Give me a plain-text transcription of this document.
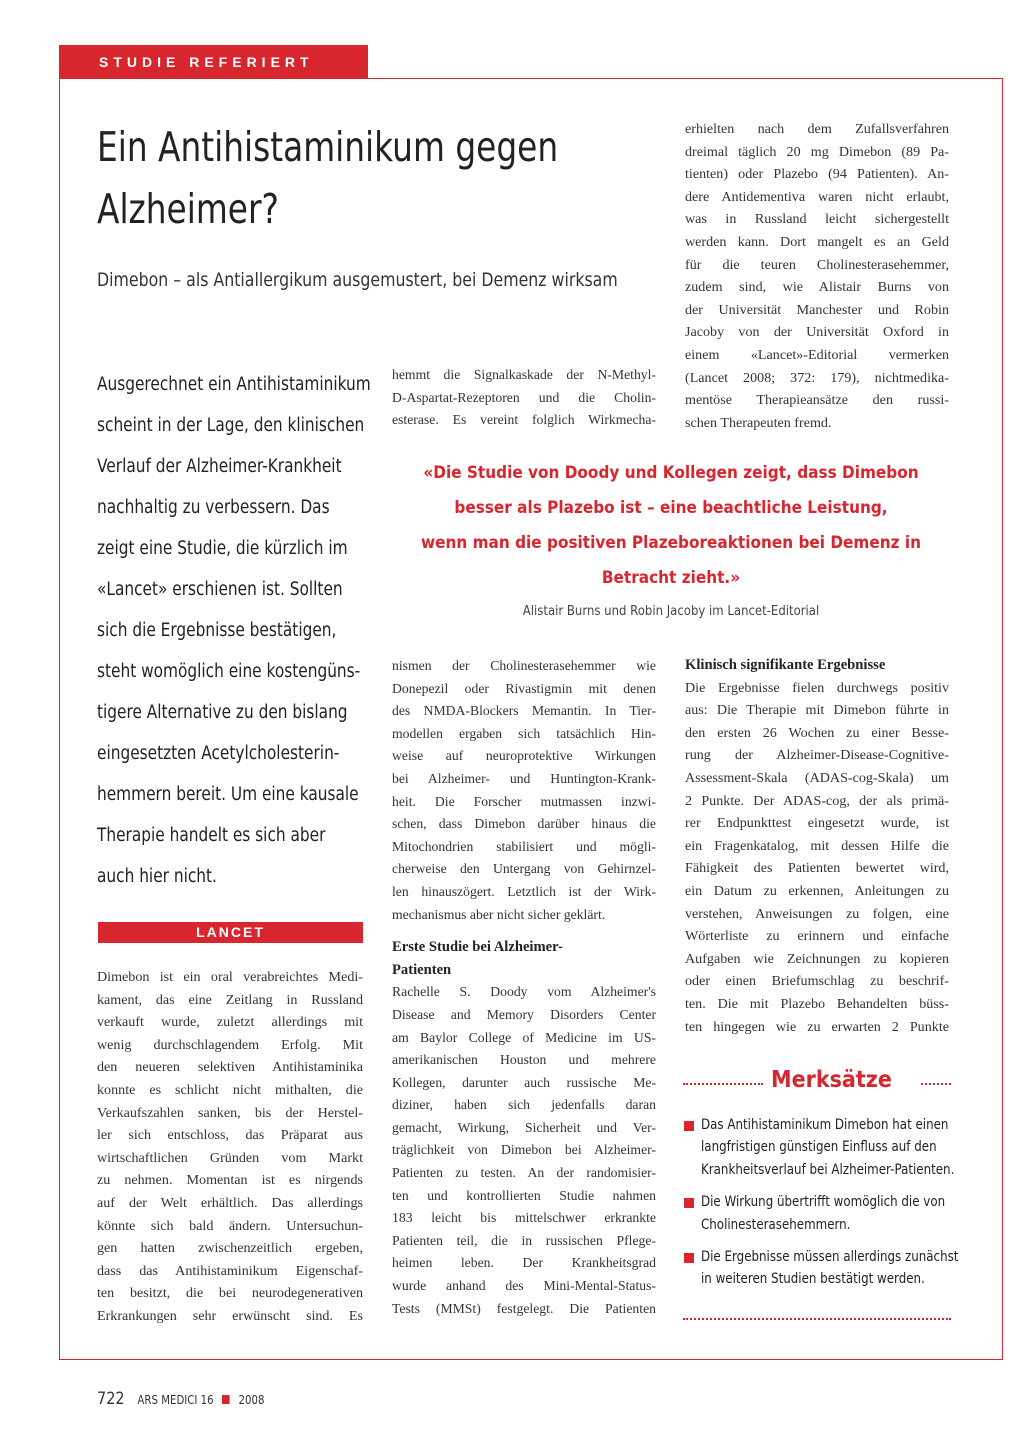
STUDIE REFERIERT
Ein Antihistaminikum gegen
Alzheimer?
Dimebon – als Antiallergikum ausgemustert, bei Demenz wirksam
Ausgerechnet ein Antihistaminikum
scheint in der Lage, den klinischen
Verlauf der Alzheimer-Krankheit
nachhaltig zu verbessern. Das
zeigt eine Studie, die kürzlich im
«Lancet» erschienen ist. Sollten
sich die Ergebnisse bestätigen,
steht womöglich eine kostengüns-
tigere Alternative zu den bislang
eingesetzten Acetylcholesterin-
hemmern bereit. Um eine kausale
Therapie handelt es sich aber
auch hier nicht.
LANCET
Dimebon ist ein oral verabreichtes Medi-
kament, das eine Zeitlang in Russland
verkauft wurde, zuletzt allerdings mit
wenig durchschlagendem Erfolg. Mit
den neueren selektiven Antihistaminika
konnte es schlicht nicht mithalten, die
Verkaufszahlen sanken, bis der Herstel-
ler sich entschloss, das Präparat aus
wirtschaftlichen Gründen vom Markt
zu nehmen. Momentan ist es nirgends
auf der Welt erhältlich. Das allerdings
könnte sich bald ändern. Untersuchun-
gen hatten zwischenzeitlich ergeben,
dass das Antihistaminikum Eigenschaf-
ten besitzt, die bei neurodegenerativen
Erkrankungen sehr erwünscht sind. Es
hemmt die Signalkaskade der N-Methyl-
D-Aspartat-Rezeptoren und die Cholin-
esterase. Es vereint folglich Wirkmecha-
«Die Studie von Doody und Kollegen zeigt, dass Dimebon
besser als Plazebo ist – eine beachtliche Leistung,
wenn man die positiven Plazeboreaktionen bei Demenz in
Betracht zieht.»
Alistair Burns und Robin Jacoby im Lancet-Editorial
nismen der Cholinesterasehemmer wie
Donepezil oder Rivastigmin mit denen
des NMDA-Blockers Memantin. In Tier-
modellen ergaben sich tatsächlich Hin-
weise auf neuroprotektive Wirkungen
bei Alzheimer- und Huntington-Krank-
heit. Die Forscher mutmassen inzwi-
schen, dass Dimebon darüber hinaus die
Mitochondrien stabilisiert und mögli-
cherweise den Untergang von Gehirnzel-
len hinauszögert. Letztlich ist der Wirk-
mechanismus aber nicht sicher geklärt.
Erste Studie bei Alzheimer-
Patienten
Rachelle S. Doody vom Alzheimer's
Disease and Memory Disorders Center
am Baylor College of Medicine im US-
amerikanischen Houston und mehrere
Kollegen, darunter auch russische Me-
diziner, haben sich jedenfalls daran
gemacht, Wirkung, Sicherheit und Ver-
träglichkeit von Dimebon bei Alzheimer-
Patienten zu testen. An der randomisier-
ten und kontrollierten Studie nahmen
183 leicht bis mittelschwer erkrankte
Patienten teil, die in russischen Pflege-
heimen leben. Der Krankheitsgrad
wurde anhand des Mini-Mental-Status-
Tests (MMSt) festgelegt. Die Patienten
erhielten nach dem Zufallsverfahren
dreimal täglich 20 mg Dimebon (89 Pa-
tienten) oder Plazebo (94 Patienten). An-
dere Antidementiva waren nicht erlaubt,
was in Russland leicht sichergestellt
werden kann. Dort mangelt es an Geld
für die teuren Cholinesterasehemmer,
zudem sind, wie Alistair Burns von
der Universität Manchester und Robin
Jacoby von der Universität Oxford in
einem «Lancet»-Editorial vermerken
(Lancet 2008; 372: 179), nichtmedika-
mentöse Therapieansätze den russi-
schen Therapeuten fremd.
Klinisch signifikante Ergebnisse
Die Ergebnisse fielen durchwegs positiv
aus: Die Therapie mit Dimebon führte in
den ersten 26 Wochen zu einer Besse-
rung der Alzheimer-Disease-Cognitive-
Assessment-Skala (ADAS-cog-Skala) um
2 Punkte. Der ADAS-cog, der als primä-
rer Endpunkttest eingesetzt wurde, ist
ein Fragenkatalog, mit dessen Hilfe die
Fähigkeit des Patienten bewertet wird,
ein Datum zu erkennen, Anleitungen zu
verstehen, Anweisungen zu folgen, eine
Wörterliste zu erinnern und einfache
Aufgaben wie Zeichnungen zu kopieren
oder einen Briefumschlag zu beschrif-
ten. Die mit Plazebo Behandelten büss-
ten hingegen wie zu erwarten 2 Punkte
Merksätze
Das Antihistaminikum Dimebon hat einen
langfristigen günstigen Einfluss auf den
Krankheitsverlauf bei Alzheimer-Patienten.
Die Wirkung übertrifft womöglich die von
Cholinesterasehemmern.
Die Ergebnisse müssen allerdings zunächst
in weiteren Studien bestätigt werden.
722 ARS MEDICI 16 2008
